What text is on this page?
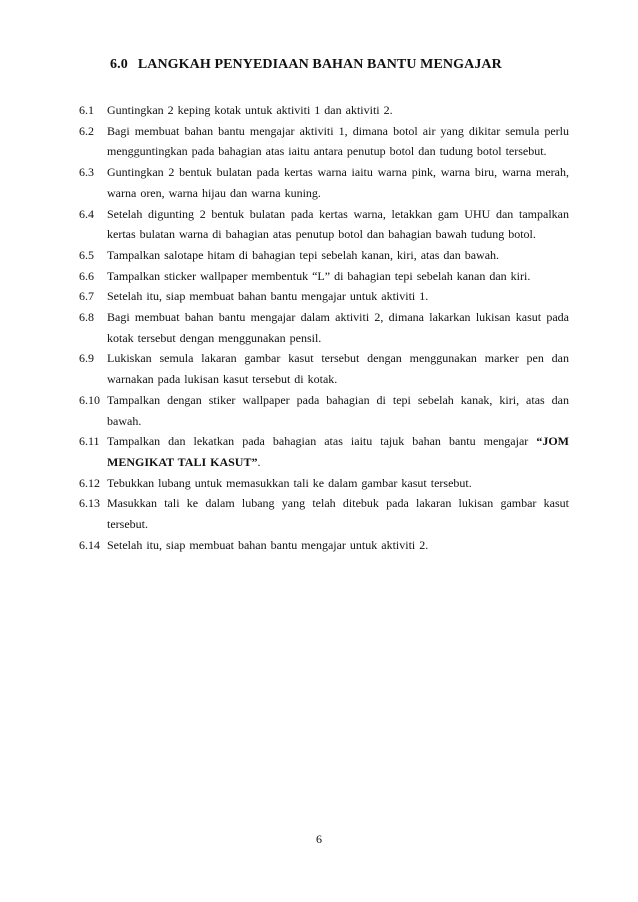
6.0 LANGKAH PENYEDIAAN BAHAN BANTU MENGAJAR
6.1	Guntingkan 2 keping kotak untuk aktiviti 1 dan aktiviti 2.
6.2	Bagi membuat bahan bantu mengajar aktiviti 1, dimana botol air yang dikitar semula perlu mengguntingkan pada bahagian atas iaitu antara penutup botol dan tudung botol tersebut.
6.3	Guntingkan 2 bentuk bulatan pada kertas warna iaitu warna pink, warna biru, warna merah, warna oren, warna hijau dan warna kuning.
6.4	Setelah digunting 2 bentuk bulatan pada kertas warna, letakkan gam UHU dan tampalkan kertas bulatan warna di bahagian atas penutup botol dan bahagian bawah tudung botol.
6.5	Tampalkan salotape hitam di bahagian tepi sebelah kanan, kiri, atas dan bawah.
6.6	Tampalkan sticker wallpaper membentuk “L” di bahagian tepi sebelah kanan dan kiri.
6.7	Setelah itu, siap membuat bahan bantu mengajar untuk aktiviti 1.
6.8	Bagi membuat bahan bantu mengajar dalam aktiviti 2, dimana lakarkan lukisan kasut pada kotak tersebut dengan menggunakan pensil.
6.9	Lukiskan semula lakaran gambar kasut tersebut dengan menggunakan marker pen dan warnakan pada lukisan kasut tersebut di kotak.
6.10 Tampalkan dengan stiker wallpaper pada bahagian di tepi sebelah kanak, kiri, atas dan bawah.
6.11 Tampalkan dan lekatkan pada bahagian atas iaitu tajuk bahan bantu mengajar “JOM MENGIKAT TALI KASUT”.
6.12 Tebukkan lubang untuk memasukkan tali ke dalam gambar kasut tersebut.
6.13 Masukkan tali ke dalam lubang yang telah ditebuk pada lakaran lukisan gambar kasut tersebut.
6.14 Setelah itu, siap membuat bahan bantu mengajar untuk aktiviti 2.
6
